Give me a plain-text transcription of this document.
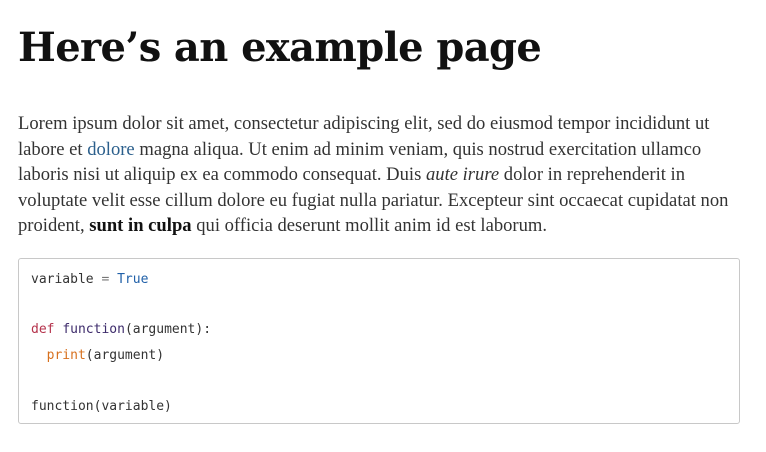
Here’s an example page

Lorem ipsum dolor sit amet, consectetur adipiscing elit, sed do eiusmod tempor incididunt ut labore et dolore magna aliqua. Ut enim ad minim veniam, quis nostrud exercitation ullamco laboris nisi ut aliquip ex ea commodo consequat. Duis aute irure dolor in reprehenderit in voluptate velit esse cillum dolore eu fugiat nulla pariatur. Excepteur sint occaecat cupidatat non proident, sunt in culpa qui officia deserunt mollit anim id est laborum.

variable = True
def function(argument):
print(argument)
function(variable)
